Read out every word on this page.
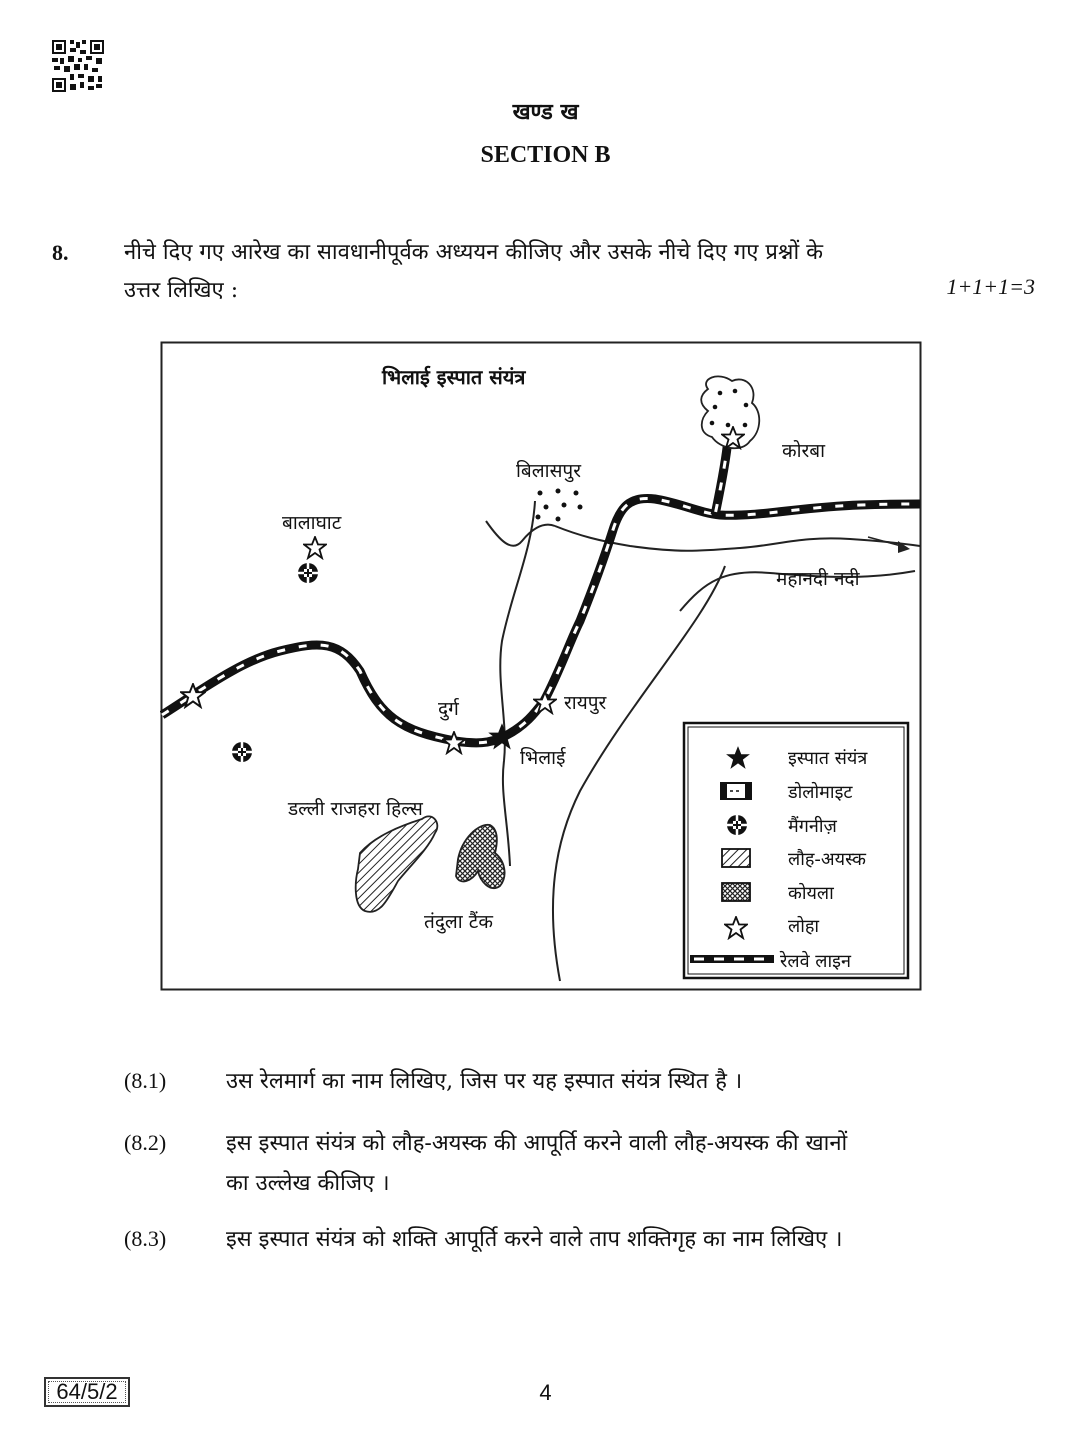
खण्ड ख
SECTION B
8.	नीचे दिए गए आरेख का सावधानीपूर्वक अध्ययन कीजिए और उसके नीचे दिए गए प्रश्नों के
उत्तर लिखिए :	1+1+1=3
भिलाई इस्पात संयंत्र
कोरबा
बिलासपुर
बालाघाट
महानदी नदी
दुर्ग	रायपुर
भिलाई
डल्ली राजहरा हिल्स
तंदुला टैंक
इस्पात संयंत्र
डोलोमाइट
मैंगनीज़
लौह-अयस्क
कोयला
लोहा
रेलवे लाइन
(8.1)	उस रेलमार्ग का नाम लिखिए, जिस पर यह इस्पात संयंत्र स्थित है ।
(8.2)	इस इस्पात संयंत्र को लौह-अयस्क की आपूर्ति करने वाली लौह-अयस्क की खानों
का उल्लेख कीजिए ।
(8.3)	इस इस्पात संयंत्र को शक्ति आपूर्ति करने वाले ताप शक्तिगृह का नाम लिखिए ।
64/5/2	4
